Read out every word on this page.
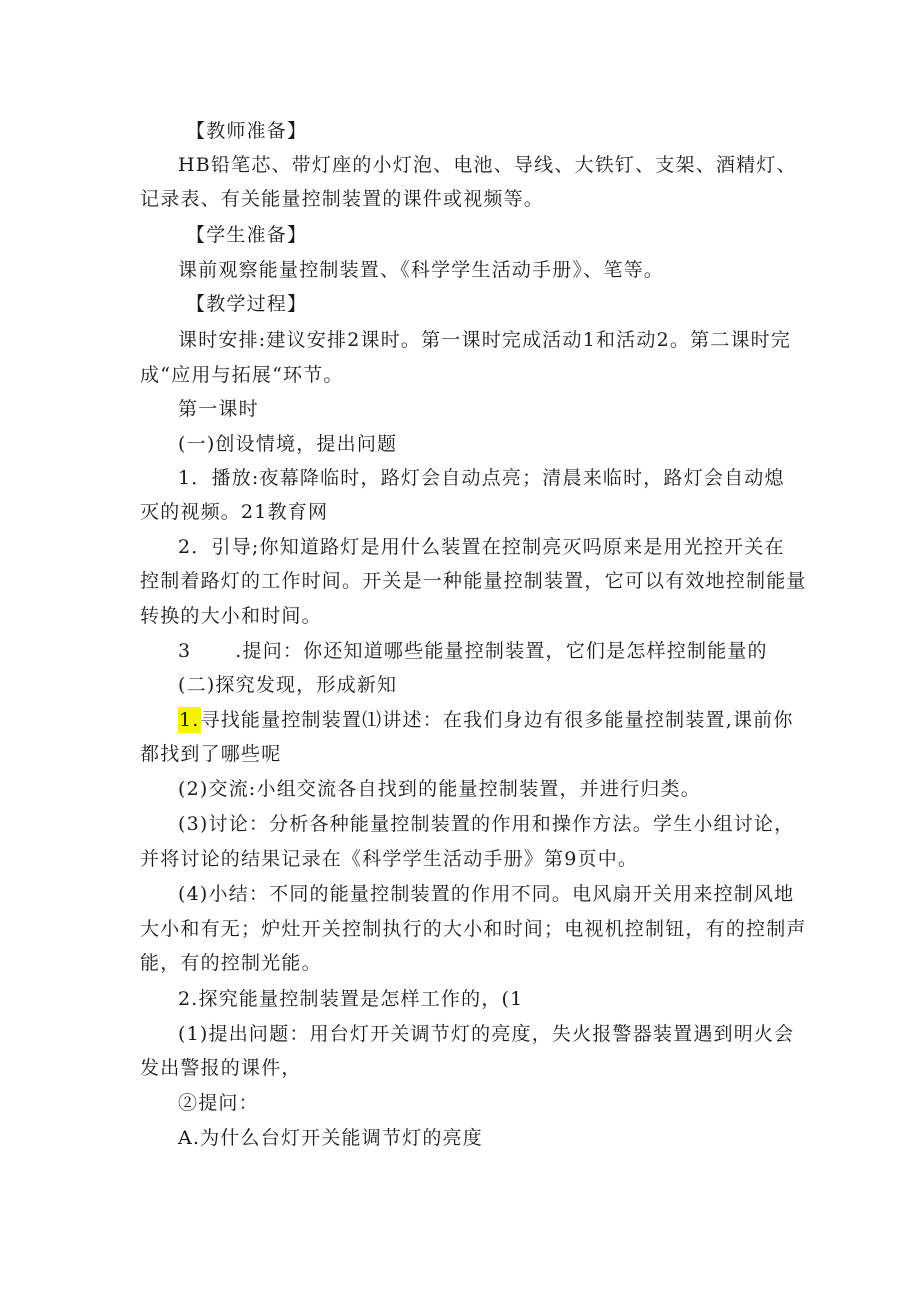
【教师准备】
HB铅笔芯、带灯座的小灯泡、电池、导线、大铁钉、支架、酒精灯、
记录表、有关能量控制装置的课件或视频等。
【学生准备】
课前观察能量控制装置、《科学学生活动手册》、笔等。
【教学过程】
课时安排:建议安排2课时。第一课时完成活动1和活动2。第二课时完
成“应用与拓展“环节。
第一课时
(一)创设情境，提出问题
1．播放:夜幕降临时，路灯会自动点亮；清晨来临时，路灯会自动熄
灭的视频。21教育网
2．引导;你知道路灯是用什么装置在控制亮灭吗原来是用光控开关在
控制着路灯的工作时间。开关是一种能量控制装置，它可以有效地控制能量
转换的大小和时间。
3 .提问：你还知道哪些能量控制装置，它们是怎样控制能量的
(二)探究发现，形成新知
1.寻找能量控制装置⑴讲述：在我们身边有很多能量控制装置,课前你
都找到了哪些呢
(2)交流:小组交流各自找到的能量控制装置，并进行归类。
(3)讨论：分析各种能量控制装置的作用和操作方法。学生小组讨论，
并将讨论的结果记录在《科学学生活动手册》第9页中。
(4)小结：不同的能量控制装置的作用不同。电风扇开关用来控制风地
大小和有无；炉灶开关控制执行的大小和时间；电视机控制钮，有的控制声
能，有的控制光能。
2.探究能量控制装置是怎样工作的，(1
(1)提出问题：用台灯开关调节灯的亮度，失火报警器装置遇到明火会
发出警报的课件，
②提问：
A.为什么台灯开关能调节灯的亮度
